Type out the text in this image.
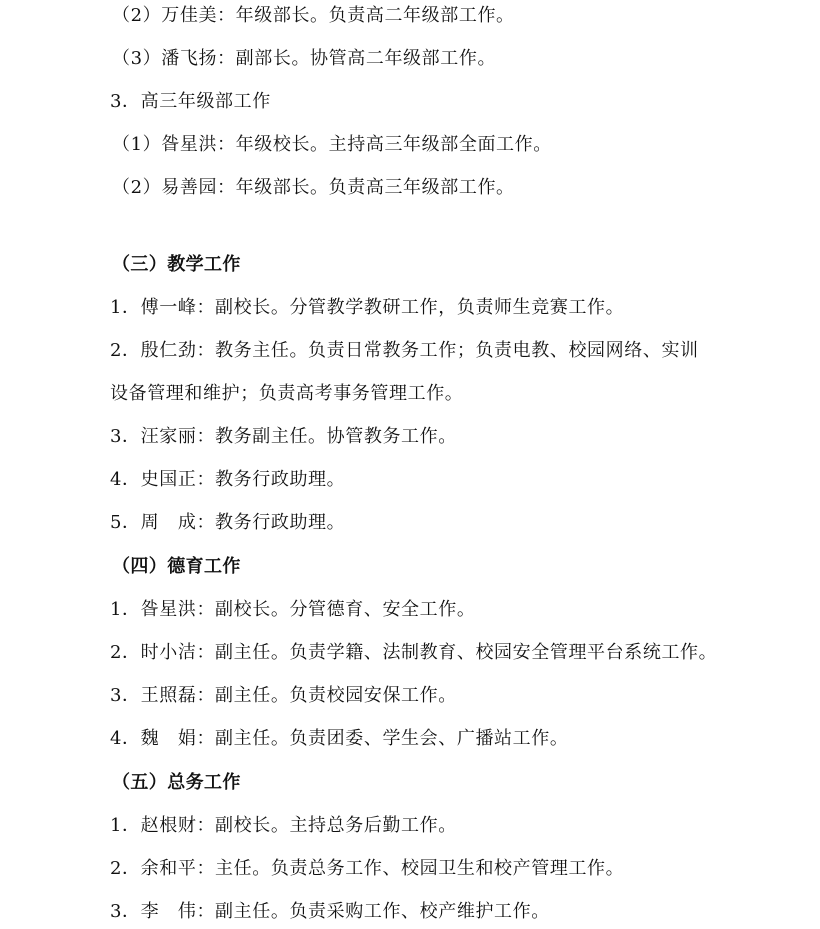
（2）万佳美：年级部长。负责高二年级部工作。
（3）潘飞扬：副部长。协管高二年级部工作。
3．高三年级部工作
（1）昝星洪：年级校长。主持高三年级部全面工作。
（2）易善园：年级部长。负责高三年级部工作。
（三）教学工作
1．傅一峰：副校长。分管教学教研工作，负责师生竞赛工作。
2．殷仁劲：教务主任。负责日常教务工作；负责电教、校园网络、实训
设备管理和维护；负责高考事务管理工作。
3．汪家丽：教务副主任。协管教务工作。
4．史国正：教务行政助理。
5．周　成：教务行政助理。
（四）德育工作
1．昝星洪：副校长。分管德育、安全工作。
2．时小洁：副主任。负责学籍、法制教育、校园安全管理平台系统工作。
3．王照磊：副主任。负责校园安保工作。
4．魏　娟：副主任。负责团委、学生会、广播站工作。
（五）总务工作
1．赵根财：副校长。主持总务后勤工作。
2．余和平：主任。负责总务工作、校园卫生和校产管理工作。
3．李　伟：副主任。负责采购工作、校产维护工作。
